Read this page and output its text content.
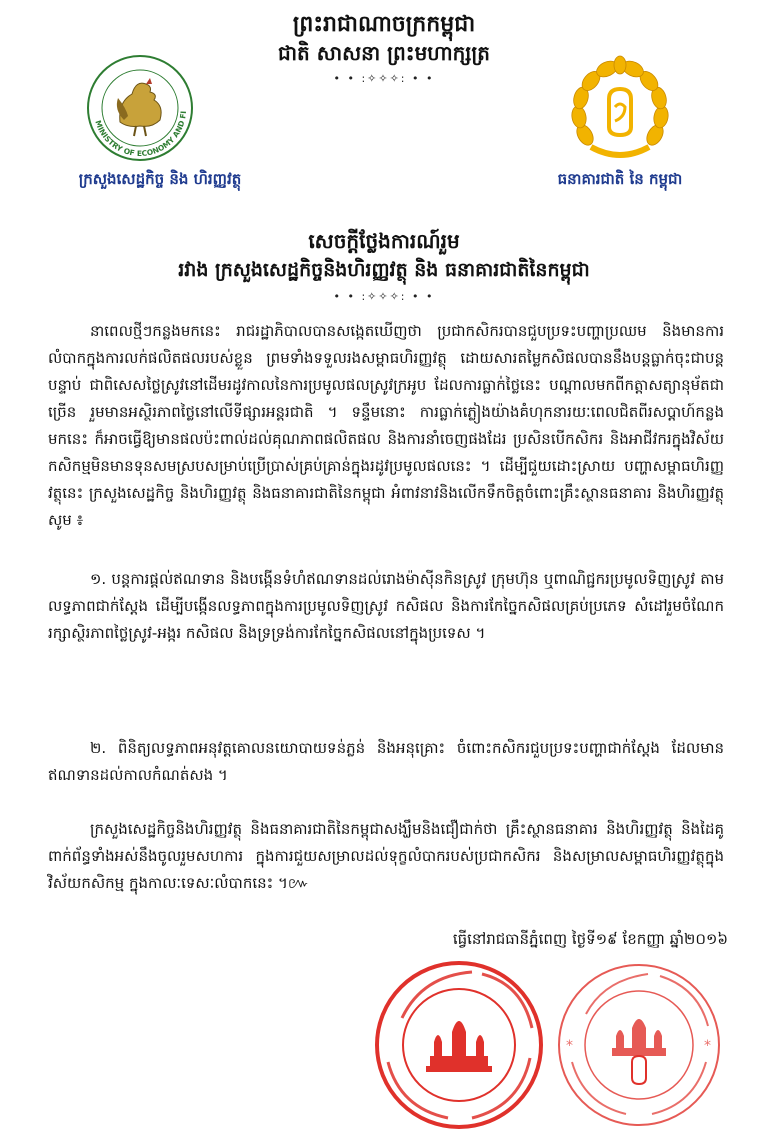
ព្រះរាជាណាចក្រកម្ពុជា
ជាតិ សាសនា ព្រះមហាក្សត្រ
• • :✧✧✧: • •
MINISTRY OF ECONOMY AND FI
ក្រសួងសេដ្ឋកិច្ច និង ហិរញ្ញវត្ថុ	ធនាគារជាតិ នៃ កម្ពុជា
សេចក្តីថ្លែងការណ៍រួម
រវាង ក្រសួងសេដ្ឋកិច្ចនិងហិរញ្ញវត្ថុ និង ធនាគារជាតិនៃកម្ពុជា
• • :✧✧✧: • •

នាពេលថ្មីៗកន្លងមកនេះ រាជរដ្ឋាភិបាលបានសង្កេតឃើញថា ប្រជាកសិករបានជួបប្រទះបញ្ហាប្រឈម និងមានការលំបាកក្នុងការលក់ផលិតផលរបស់ខ្លួន ព្រមទាំងទទួលរងសម្ពាធហិរញ្ញវត្ថុ ដោយសារតម្លៃកសិផលបាននឹងបន្តធ្លាក់ចុះជាបន្តបន្ទាប់ ជាពិសេសថ្លៃស្រូវនៅដើមរដូវកាលនៃការប្រមូលផលស្រូវក្រអូប ដែលការធ្លាក់ថ្លៃនេះ បណ្តាលមកពីកត្តាសត្យានុម័តជាច្រើន រួមមានអស្ថិរភាពថ្លៃនៅលើទីផ្សារអន្តរជាតិ ។ ទន្ទឹមនោះ ការធ្លាក់ភ្លៀងយ៉ាងគំហុកនារយៈពេលជិតពីរសប្តាហ៍កន្លងមកនេះ ក៏អាចធ្វើឱ្យមានផលប៉ះពាល់ដល់គុណភាពផលិតផល និងការនាំចេញផងដែរ ប្រសិនបើកសិករ និងអាជីវករក្នុងវិស័យកសិកម្មមិនមានទុនសមស្របសម្រាប់ប្រើប្រាស់គ្រប់គ្រាន់ក្នុងរដូវប្រមូលផលនេះ ។ ដើម្បីជួយដោះស្រាយ បញ្ហាសម្ពាធហិរញ្ញវត្ថុនេះ ក្រសួងសេដ្ឋកិច្ច និងហិរញ្ញវត្ថុ និងធនាគារជាតិនៃកម្ពុជា អំពាវនាវនិងលើកទឹកចិត្តចំពោះគ្រឹះស្ថានធនាគារ និងហិរញ្ញវត្ថុ សូម ៖

១. បន្តការផ្តល់ឥណទាន និងបង្កើនទំហំឥណទានដល់រោងម៉ាស៊ីនកិនស្រូវ ក្រុមហ៊ុន ឬពាណិជ្ជករប្រមូលទិញស្រូវ តាមលទ្ធភាពជាក់ស្តែង ដើម្បីបង្កើនលទ្ធភាពក្នុងការប្រមូលទិញស្រូវ កសិផល និងការកែច្នៃកសិផលគ្រប់ប្រភេទ សំដៅរួមចំណែករក្សាស្ថិរភាពថ្លៃស្រូវ-អង្ករ កសិផល និងទ្រទ្រង់ការកែច្នៃកសិផលនៅក្នុងប្រទេស ។

២. ពិនិត្យលទ្ធភាពអនុវត្តគោលនយោបាយទន់ភ្លន់ និងអនុគ្រោះ ចំពោះកសិករជួបប្រទះបញ្ហាជាក់ស្តែង ដែលមានឥណទានដល់កាលកំណត់សង ។

ក្រសួងសេដ្ឋកិច្ចនិងហិរញ្ញវត្ថុ និងធនាគារជាតិនៃកម្ពុជាសង្ឃឹមនិងជឿជាក់ថា គ្រឹះស្ថានធនាគារ និងហិរញ្ញវត្ថុ និងដៃគូពាក់ព័ន្ធទាំងអស់នឹងចូលរួមសហការ ក្នុងការជួយសម្រាលដល់ទុក្ខលំបាករបស់ប្រជាកសិករ និងសម្រាលសម្ពាធហិរញ្ញវត្ថុក្នុងវិស័យកសិកម្ម ក្នុងកាលៈទេសៈលំបាកនេះ ។៚

ធ្វើនៅរាជធានីភ្នំពេញ ថ្ងៃទី១៩ ខែកញ្ញា ឆ្នាំ២០១៦
*	*
